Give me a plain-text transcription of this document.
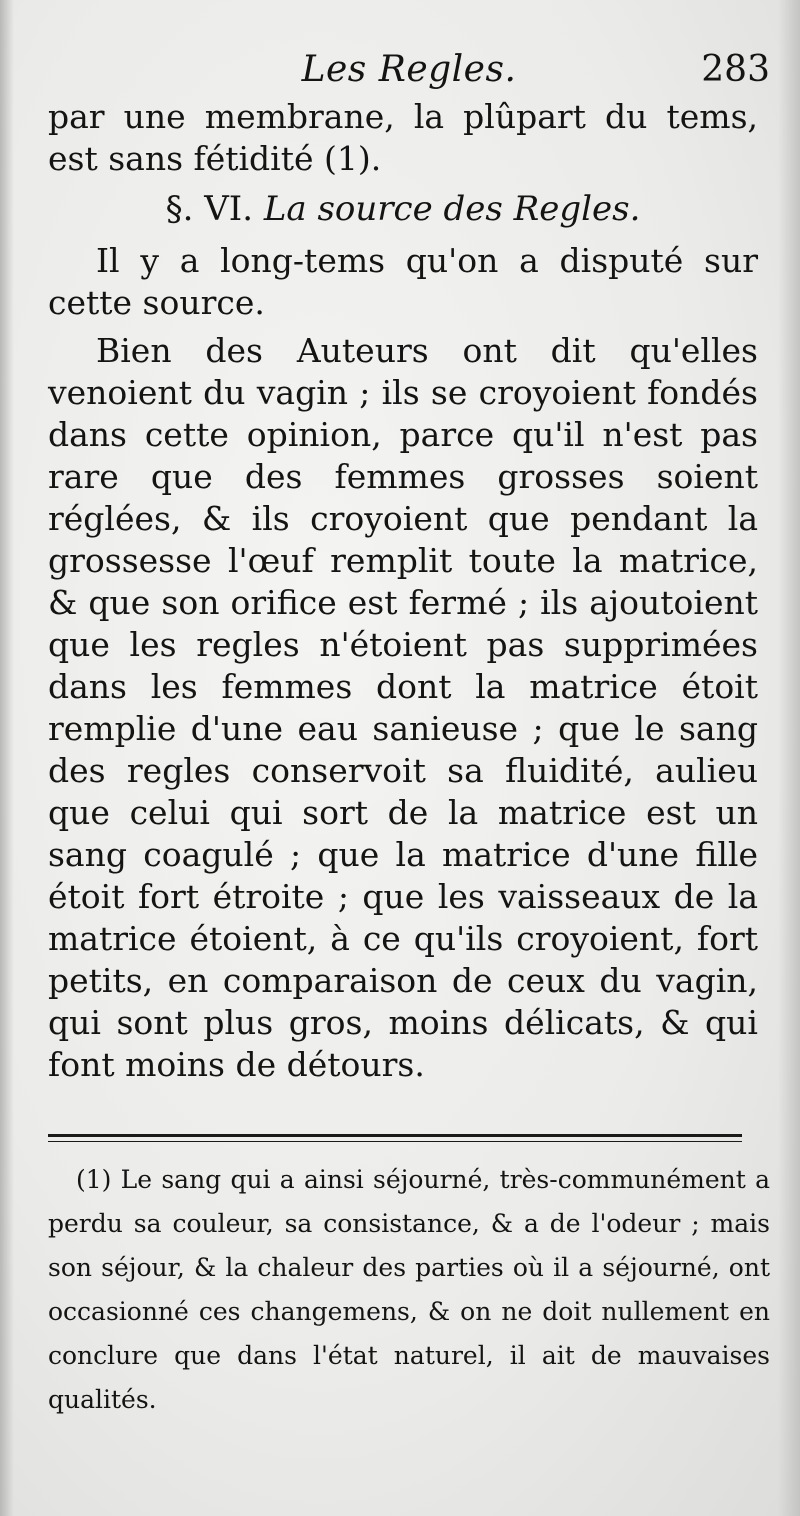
Les Regles.	283

par une membrane, la plûpart du tems, est sans fétidité (1).

§. VI. La source des Regles.

Il y a long-tems qu'on a disputé sur cette source.

Bien des Auteurs ont dit qu'elles venoient du vagin ; ils se croyoient fondés dans cette opinion, parce qu'il n'est pas rare que des femmes grosses soient réglées, & ils croyoient que pendant la grossesse l'œuf remplit toute la matrice, & que son orifice est fermé ; ils ajoutoient que les regles n'étoient pas supprimées dans les femmes dont la matrice étoit remplie d'une eau sanieuse ; que le sang des regles conservoit sa fluidité, aulieu que celui qui sort de la matrice est un sang coagulé ; que la matrice d'une fille étoit fort étroite ; que les vaisseaux de la matrice étoient, à ce qu'ils croyoient, fort petits, en comparaison de ceux du vagin, qui sont plus gros, moins délicats, & qui font moins de détours.

(1) Le sang qui a ainsi séjourné, très-communément a perdu sa couleur, sa consistance, & a de l'odeur ; mais son séjour, & la chaleur des parties où il a séjourné, ont occasionné ces changemens, & on ne doit nullement en conclure que dans l'état naturel, il ait de mauvaises qualités.
